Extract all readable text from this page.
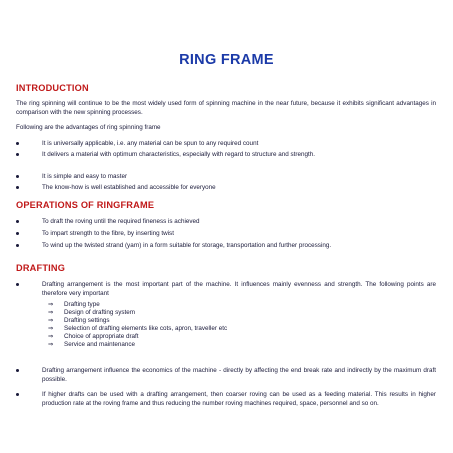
RING FRAME
INTRODUCTION
The ring spinning will continue to be the most widely used form of spinning machine in the near future, because it exhibits significant advantages in comparison with the new spinning processes.
Following are the advantages of ring spinning frame
It is universally applicable, i.e. any material can be spun to any required count
It delivers a material with optimum characteristics, especially with regard to structure and strength.
It is simple and easy to master
The know-how is well established and accessible for everyone
OPERATIONS OF RINGFRAME
To draft the roving until the required fineness is achieved
To impart strength to the fibre, by inserting twist
To wind up the twisted strand (yarn) in a form suitable for storage, transportation and further processing.
DRAFTING
Drafting arrangement is the most important part of the machine. It influences mainly evenness and strength. The following points are therefore very important
⇒ Drafting type
⇒ Design of drafting system
⇒ Drafting settings
⇒ Selection of drafting elements like cots, apron, traveller etc
⇒ Choice of appropriate draft
⇒ Service and maintenance
Drafting arrangement influence the economics of the machine - directly by affecting the end break rate and indirectly by the maximum draft possible.
If higher drafts can be used with a drafting arrangement, then coarser roving can be used as a feeding material. This results in higher production rate at the roving frame and thus reducing the number roving machines required, space, personnel and so on.
